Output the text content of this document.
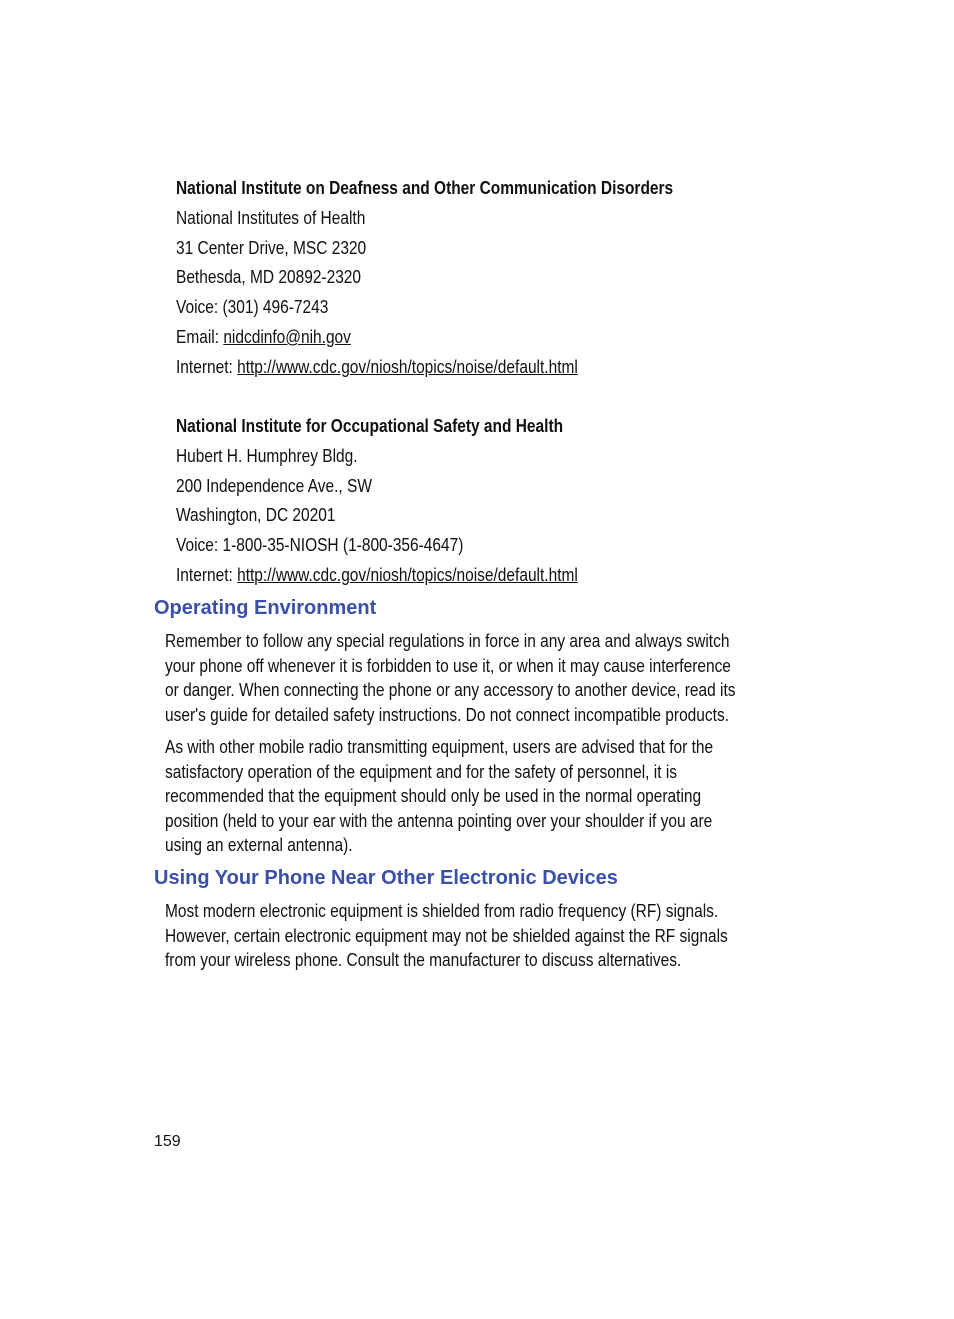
National Institute on Deafness and Other Communication Disorders
National Institutes of Health
31 Center Drive, MSC 2320
Bethesda, MD 20892-2320
Voice: (301) 496-7243
Email: nidcdinfo@nih.gov
Internet: http://www.cdc.gov/niosh/topics/noise/default.html
National Institute for Occupational Safety and Health
Hubert H. Humphrey Bldg.
200 Independence Ave., SW
Washington, DC 20201
Voice: 1-800-35-NIOSH (1-800-356-4647)
Internet: http://www.cdc.gov/niosh/topics/noise/default.html
Operating Environment
Remember to follow any special regulations in force in any area and always switch
your phone off whenever it is forbidden to use it, or when it may cause interference
or danger. When connecting the phone or any accessory to another device, read its
user's guide for detailed safety instructions. Do not connect incompatible products.
As with other mobile radio transmitting equipment, users are advised that for the
satisfactory operation of the equipment and for the safety of personnel, it is
recommended that the equipment should only be used in the normal operating
position (held to your ear with the antenna pointing over your shoulder if you are
using an external antenna).
Using Your Phone Near Other Electronic Devices
Most modern electronic equipment is shielded from radio frequency (RF) signals.
However, certain electronic equipment may not be shielded against the RF signals
from your wireless phone. Consult the manufacturer to discuss alternatives.
159
